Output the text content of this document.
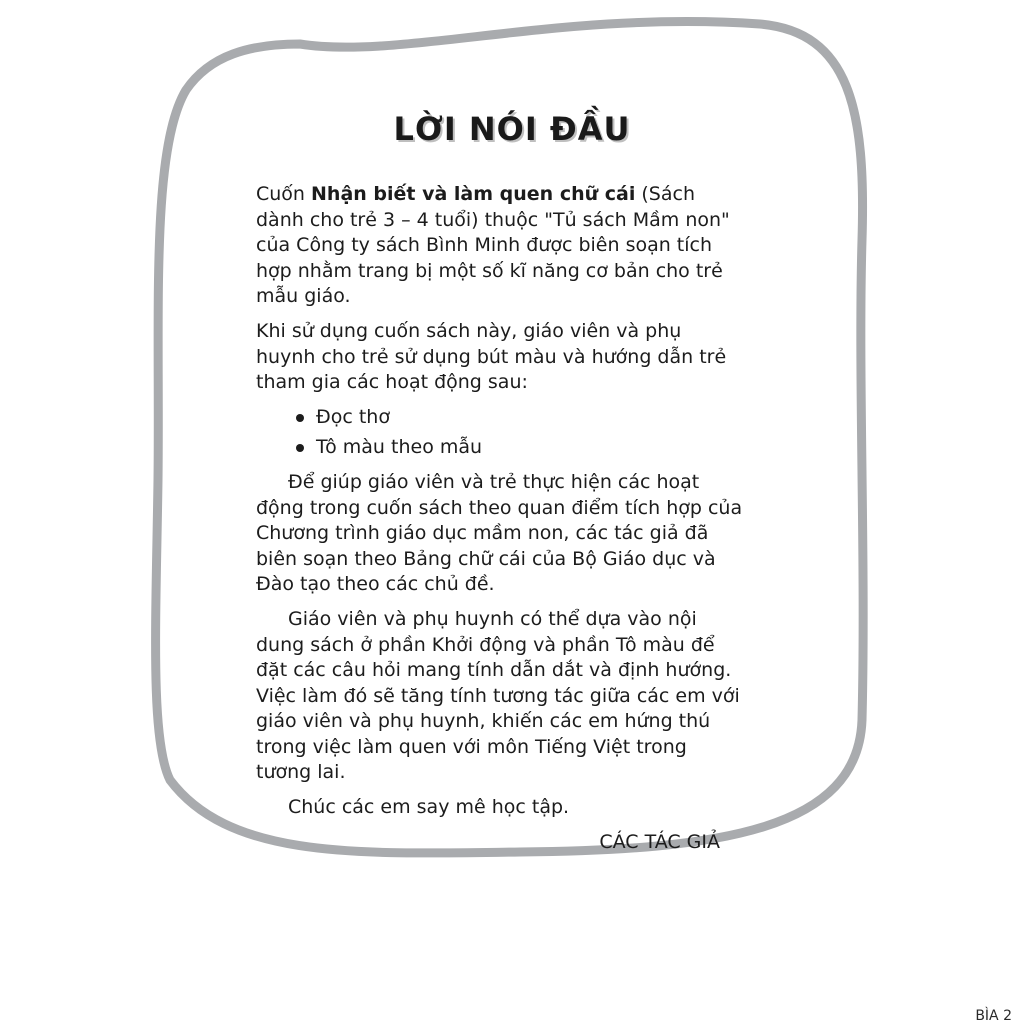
LỜI NÓI ĐẦU

Cuốn Nhận biết và làm quen chữ cái (Sách dành cho trẻ 3 – 4 tuổi) thuộc "Tủ sách Mầm non" của Công ty sách Bình Minh được biên soạn tích hợp nhằm trang bị một số kĩ năng cơ bản cho trẻ mẫu giáo.

Khi sử dụng cuốn sách này, giáo viên và phụ huynh cho trẻ sử dụng bút màu và hướng dẫn trẻ tham gia các hoạt động sau:

Đọc thơ
Tô màu theo mẫu

Để giúp giáo viên và trẻ thực hiện các hoạt động trong cuốn sách theo quan điểm tích hợp của Chương trình giáo dục mầm non, các tác giả đã biên soạn theo Bảng chữ cái của Bộ Giáo dục và Đào tạo theo các chủ đề.

Giáo viên và phụ huynh có thể dựa vào nội dung sách ở phần Khởi động và phần Tô màu để đặt các câu hỏi mang tính dẫn dắt và định hướng. Việc làm đó sẽ tăng tính tương tác giữa các em với giáo viên và phụ huynh, khiến các em hứng thú trong việc làm quen với môn Tiếng Việt trong tương lai.

Chúc các em say mê học tập.

CÁC TÁC GIẢ

BÌA 2
